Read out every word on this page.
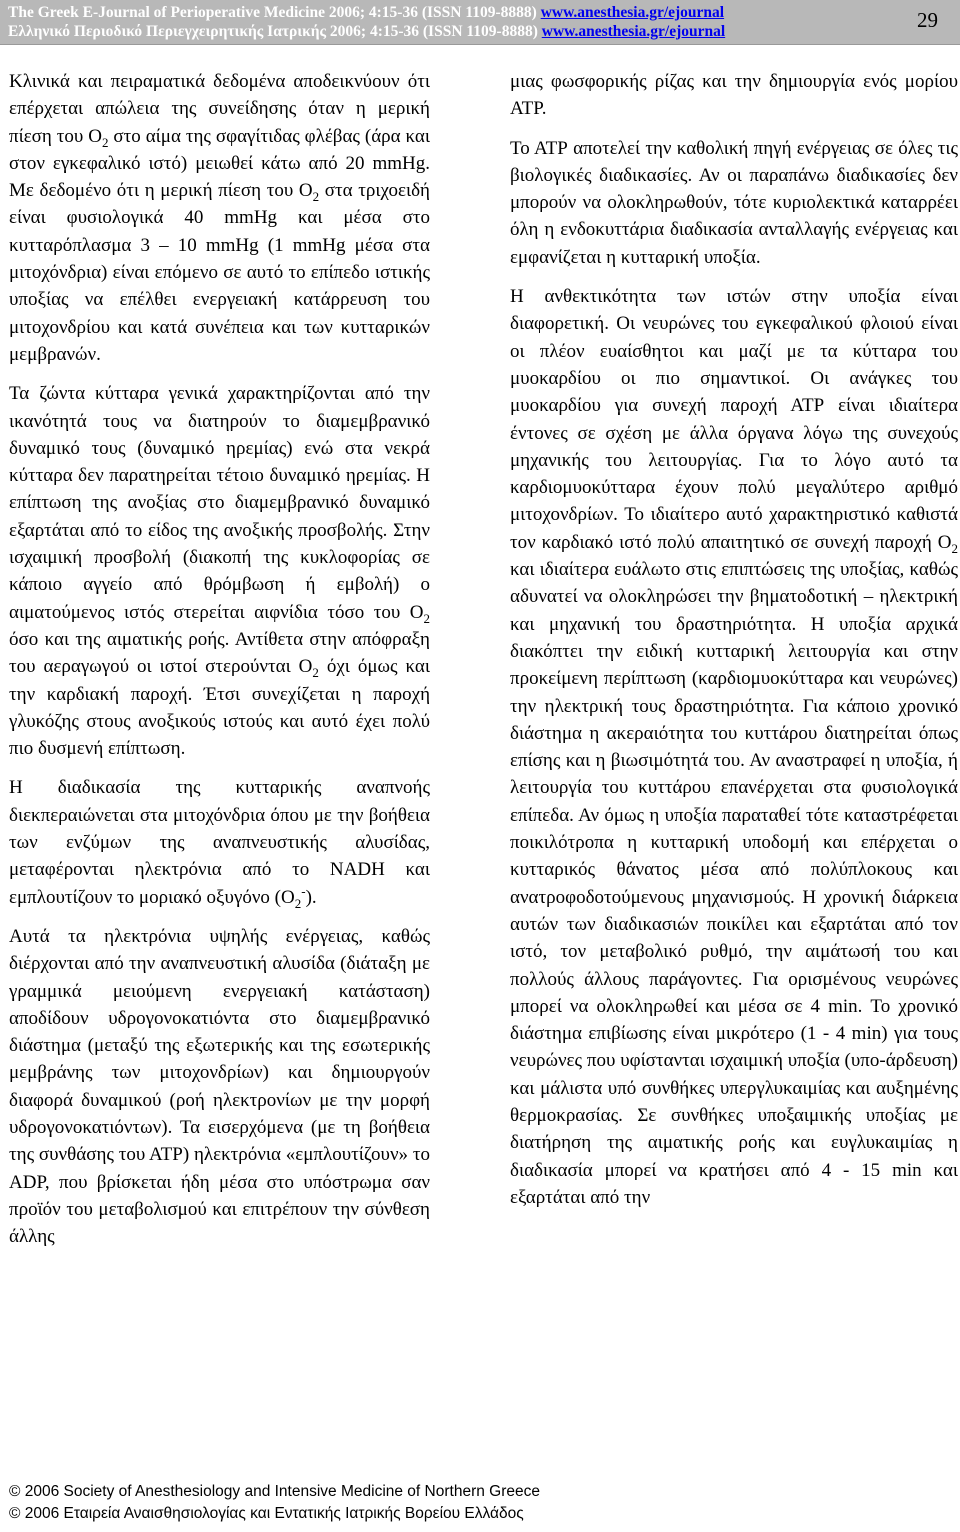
The Greek E-Journal of Perioperative Medicine 2006; 4:15-36 (ISSN 1109-8888) www.anesthesia.gr/ejournal
Ελληνικό Περιοδικό Περιεγχειρητικής Ιατρικής 2006; 4:15-36 (ISSN 1109-8888) www.anesthesia.gr/ejournal	29

Κλινικά και πειραματικά δεδομένα αποδεικνύουν ότι επέρχεται απώλεια της συνείδησης όταν η μερική πίεση του $O_2$ στο αίμα της σφαγίτιδας φλέβας (άρα και στον εγκεφαλικό ιστό) μειωθεί κάτω από 20 mmHg. Με δεδομένο ότι η μερική πίεση του $O_2$ στα τριχοειδή είναι φυσιολογικά 40 mmHg και μέσα στο κυτταρόπλασμα 3 – 10 mmHg (1 mmHg μέσα στα μιτοχόνδρια) είναι επόμενο σε αυτό το επίπεδο ιστικής υποξίας να επέλθει ενεργειακή κατάρρευση του μιτοχονδρίου και κατά συνέπεια και των κυτταρικών μεμβρανών.

Τα ζώντα κύτταρα γενικά χαρακτηρίζονται από την ικανότητά τους να διατηρούν το διαμεμβρανικό δυναμικό τους (δυναμικό ηρεμίας) ενώ στα νεκρά κύτταρα δεν παρατηρείται τέτοιο δυναμικό ηρεμίας. Η επίπτωση της ανοξίας στο διαμεμβρανικό δυναμικό εξαρτάται από το είδος της ανοξικής προσβολής. Στην ισχαιμική προσβολή (διακοπή της κυκλοφορίας σε κάποιο αγγείο από θρόμβωση ή εμβολή) ο αιματούμενος ιστός στερείται αιφνίδια τόσο του $O_2$ όσο και της αιματικής ροής. Αντίθετα στην απόφραξη του αεραγωγού οι ιστοί στερούνται $O_2$ όχι όμως και την καρδιακή παροχή. Έτσι συνεχίζεται η παροχή γλυκόζης στους ανοξικούς ιστούς και αυτό έχει πολύ πιο δυσμενή επίπτωση.

Η διαδικασία της κυτταρικής αναπνοής διεκπεραιώνεται στα μιτοχόνδρια όπου με την βοήθεια των ενζύμων της αναπνευστικής αλυσίδας, μεταφέρονται ηλεκτρόνια από το NADH και εμπλουτίζουν το μοριακό οξυγόνο $(O_2^-)$.

Αυτά τα ηλεκτρόνια υψηλής ενέργειας, καθώς διέρχονται από την αναπνευστική αλυσίδα (διάταξη με γραμμικά μειούμενη ενεργειακή κατάσταση) αποδίδουν υδρογονοκατιόντα στο διαμεμβρανικό διάστημα (μεταξύ της εξωτερικής και της εσωτερικής μεμβράνης των μιτοχονδρίων) και δημιουργούν διαφορά δυναμικού (ροή ηλεκτρονίων με την μορφή υδρογονοκατιόντων). Τα εισερχόμενα (με τη βοήθεια της συνθάσης του ΑΤΡ) ηλεκτρόνια «εμπλουτίζουν» το ADP, που βρίσκεται ήδη μέσα στο υπόστρωμα σαν προϊόν του μεταβολισμού και επιτρέπουν την σύνθεση άλλης

μιας φωσφορικής ρίζας και την δημιουργία ενός μορίου ΑΤΡ.

Το ΑΤΡ αποτελεί την καθολική πηγή ενέργειας σε όλες τις βιολογικές διαδικασίες. Αν οι παραπάνω διαδικασίες δεν μπορούν να ολοκληρωθούν, τότε κυριολεκτικά καταρρέει όλη η ενδοκυττάρια διαδικασία ανταλλαγής ενέργειας και εμφανίζεται η κυτταρική υποξία.

Η ανθεκτικότητα των ιστών στην υποξία είναι διαφορετική. Οι νευρώνες του εγκεφαλικού φλοιού είναι οι πλέον ευαίσθητοι και μαζί με τα κύτταρα του μυοκαρδίου οι πιο σημαντικοί. Οι ανάγκες του μυοκαρδίου για συνεχή παροχή ΑΤΡ είναι ιδιαίτερα έντονες σε σχέση με άλλα όργανα λόγω της συνεχούς μηχανικής του λειτουργίας. Για το λόγο αυτό τα καρδιομυοκύτταρα έχουν πολύ μεγαλύτερο αριθμό μιτοχονδρίων. Το ιδιαίτερο αυτό χαρακτηριστικό καθιστά τον καρδιακό ιστό πολύ απαιτητικό σε συνεχή παροχή $O_2$ και ιδιαίτερα ευάλωτο στις επιπτώσεις της υποξίας, καθώς αδυνατεί να ολοκληρώσει την βηματοδοτική – ηλεκτρική και μηχανική του δραστηριότητα. Η υποξία αρχικά διακόπτει την ειδική κυτταρική λειτουργία και στην προκείμενη περίπτωση (καρδιομυοκύτταρα και νευρώνες) την ηλεκτρική τους δραστηριότητα. Για κάποιο χρονικό διάστημα η ακεραιότητα του κυττάρου διατηρείται όπως επίσης και η βιωσιμότητά του. Αν αναστραφεί η υποξία, ή λειτουργία του κυττάρου επανέρχεται στα φυσιολογικά επίπεδα. Αν όμως η υποξία παραταθεί τότε καταστρέφεται ποικιλότροπα η κυτταρική υποδομή και επέρχεται ο κυτταρικός θάνατος μέσα από πολύπλοκους και ανατροφοδοτούμενους μηχανισμούς. Η χρονική διάρκεια αυτών των διαδικασιών ποικίλει και εξαρτάται από τον ιστό, τον μεταβολικό ρυθμό, την αιμάτωσή του και πολλούς άλλους παράγοντες. Για ορισμένους νευρώνες μπορεί να ολοκληρωθεί και μέσα σε 4 min. Το χρονικό διάστημα επιβίωσης είναι μικρότερο (1 - 4 min) για τους νευρώνες που υφίστανται ισχαιμική υποξία (υπο-άρδευση) και μάλιστα υπό συνθήκες υπεργλυκαιμίας και αυξημένης θερμοκρασίας. Σε συνθήκες υποξαιμικής υποξίας με διατήρηση της αιματικής ροής και ευγλυκαιμίας η διαδικασία μπορεί να κρατήσει από 4 - 15 min και εξαρτάται από την

© 2006 Society of Anesthesiology and Intensive Medicine of Northern Greece
© 2006 Εταιρεία Αναισθησιολογίας και Εντατικής Ιατρικής Βορείου Ελλάδος
